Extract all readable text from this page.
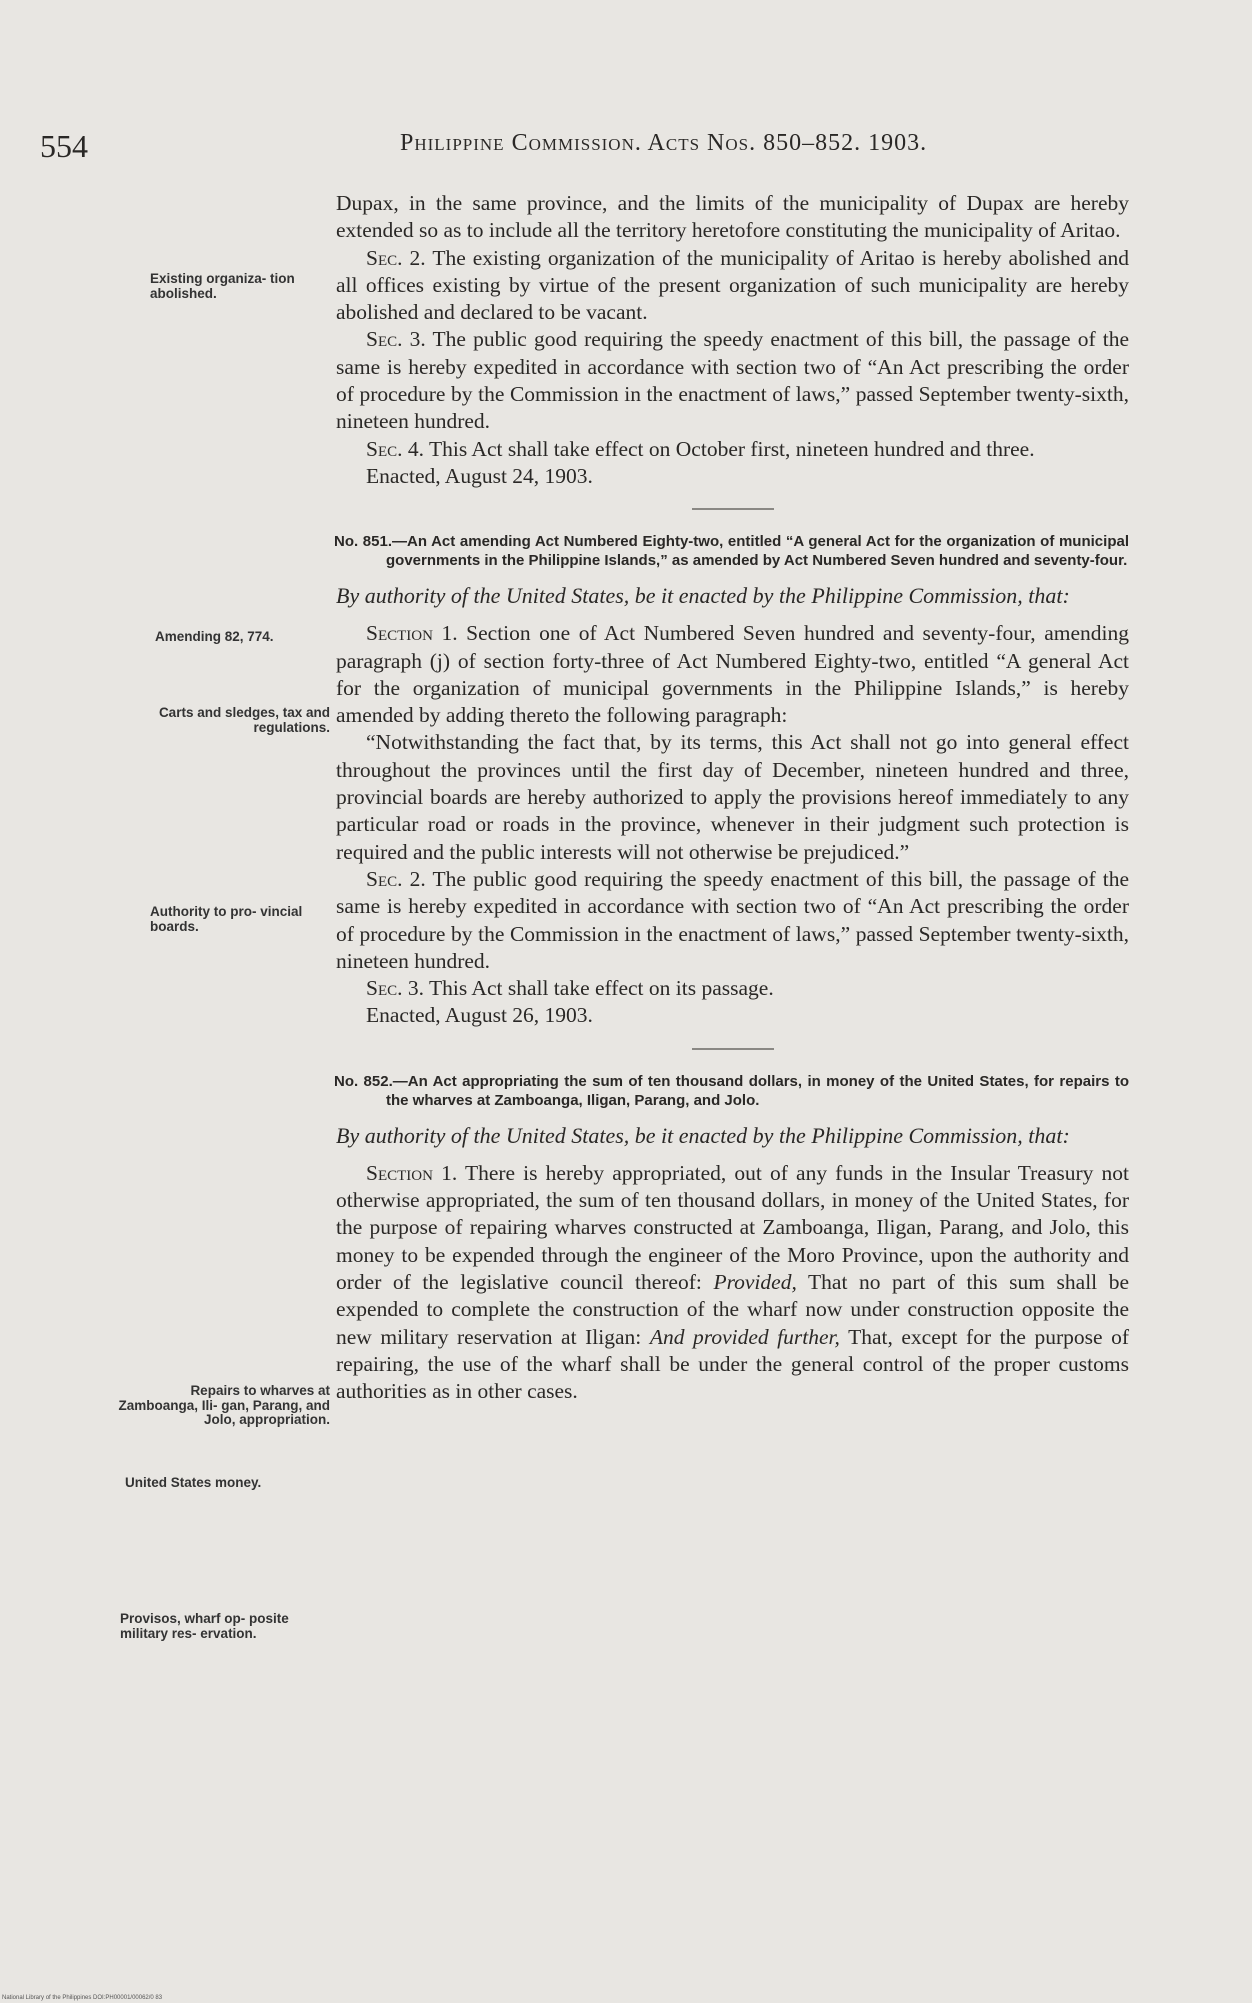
554	Philippine Commission. Acts Nos. 850–852. 1903.
Existing organiza- tion abolished.
Amending 82, 774.
Carts and sledges, tax and regulations.
Authority to pro- vincial boards.
Repairs to wharves at Zamboanga, Ili- gan, Parang, and Jolo, appropriation.
United States money.
Provisos, wharf op- posite military res- ervation.

Dupax, in the same province, and the limits of the municipality of Dupax are hereby extended so as to include all the territory heretofore constituting the municipality of Aritao.

Sec. 2. The existing organization of the municipality of Aritao is hereby abolished and all offices existing by virtue of the present organization of such municipality are hereby abolished and declared to be vacant.

Sec. 3. The public good requiring the speedy enactment of this bill, the passage of the same is hereby expedited in accordance with section two of “An Act prescribing the order of procedure by the Commission in the enactment of laws,” passed September twenty-sixth, nineteen hundred.

Sec. 4. This Act shall take effect on October first, nineteen hundred and three.

Enacted, August 24, 1903.

No. 851.—An Act amending Act Numbered Eighty-two, entitled “A general Act for the organization of municipal governments in the Philippine Islands,” as amended by Act Numbered Seven hundred and seventy-four.

By authority of the United States, be it enacted by the Philippine Commission, that:

Section 1. Section one of Act Numbered Seven hundred and seventy-four, amending paragraph (j) of section forty-three of Act Numbered Eighty-two, entitled “A general Act for the organization of municipal governments in the Philippine Islands,” is hereby amended by adding thereto the following paragraph:

“Notwithstanding the fact that, by its terms, this Act shall not go into general effect throughout the provinces until the first day of December, nineteen hundred and three, provincial boards are hereby authorized to apply the provisions hereof immediately to any particular road or roads in the province, whenever in their judgment such protection is required and the public interests will not otherwise be prejudiced.”

Sec. 2. The public good requiring the speedy enactment of this bill, the passage of the same is hereby expedited in accordance with section two of “An Act prescribing the order of procedure by the Commission in the enactment of laws,” passed September twenty-sixth, nineteen hundred.

Sec. 3. This Act shall take effect on its passage.

Enacted, August 26, 1903.

No. 852.—An Act appropriating the sum of ten thousand dollars, in money of the United States, for repairs to the wharves at Zamboanga, Iligan, Parang, and Jolo.

By authority of the United States, be it enacted by the Philippine Commission, that:

Section 1. There is hereby appropriated, out of any funds in the Insular Treasury not otherwise appropriated, the sum of ten thousand dollars, in money of the United States, for the purpose of repairing wharves constructed at Zamboanga, Iligan, Parang, and Jolo, this money to be expended through the engineer of the Moro Province, upon the authority and order of the legislative council thereof: Provided, That no part of this sum shall be expended to complete the construction of the wharf now under construction opposite the new military reservation at Iligan: And provided further, That, except for the purpose of repairing, the use of the wharf shall be under the general control of the proper customs authorities as in other cases.

National Library of the Philippines DOI:PH00001/00062/0 83
